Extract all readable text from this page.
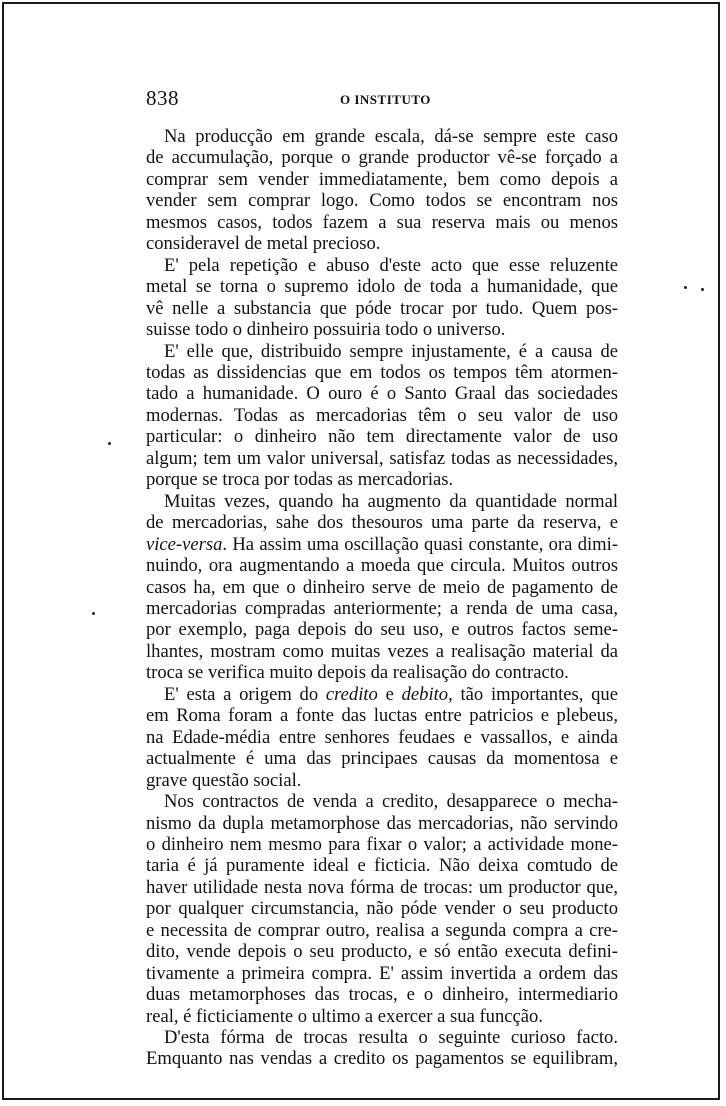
838	O INSTITUTO

Na producção em grande escala, dá-se sempre este caso
de accumulação, porque o grande productor vê-se forçado a
comprar sem vender immediatamente, bem como depois a
vender sem comprar logo. Como todos se encontram nos
mesmos casos, todos fazem a sua reserva mais ou menos
consideravel de metal precioso.

E' pela repetição e abuso d'este acto que esse reluzente
metal se torna o supremo idolo de toda a humanidade, que
vê nelle a substancia que póde trocar por tudo. Quem pos-
suisse todo o dinheiro possuiria todo o universo.

E' elle que, distribuido sempre injustamente, é a causa de
todas as dissidencias que em todos os tempos têm atormen-
tado a humanidade. O ouro é o Santo Graal das sociedades
modernas. Todas as mercadorias têm o seu valor de uso
particular: o dinheiro não tem directamente valor de uso
algum; tem um valor universal, satisfaz todas as necessidades,
porque se troca por todas as mercadorias.

Muitas vezes, quando ha augmento da quantidade normal
de mercadorias, sahe dos thesouros uma parte da reserva, e
vice-versa. Ha assim uma oscillação quasi constante, ora dimi-
nuindo, ora augmentando a moeda que circula. Muitos outros
casos ha, em que o dinheiro serve de meio de pagamento de
mercadorias compradas anteriormente; a renda de uma casa,
por exemplo, paga depois do seu uso, e outros factos seme-
lhantes, mostram como muitas vezes a realisação material da
troca se verifica muito depois da realisação do contracto.

E' esta a origem do credito e debito, tão importantes, que
em Roma foram a fonte das luctas entre patricios e plebeus,
na Edade-média entre senhores feudaes e vassallos, e ainda
actualmente é uma das principaes causas da momentosa e
grave questão social.

Nos contractos de venda a credito, desapparece o mecha-
nismo da dupla metamorphose das mercadorias, não servindo
o dinheiro nem mesmo para fixar o valor; a actividade mone-
taria é já puramente ideal e ficticia. Não deixa comtudo de
haver utilidade nesta nova fórma de trocas: um productor que,
por qualquer circumstancia, não póde vender o seu producto
e necessita de comprar outro, realisa a segunda compra a cre-
dito, vende depois o seu producto, e só então executa defini-
tivamente a primeira compra. E' assim invertida a ordem das
duas metamorphoses das trocas, e o dinheiro, intermediario
real, é ficticiamente o ultimo a exercer a sua funcção.

D'esta fórma de trocas resulta o seguinte curioso facto.
Emquanto nas vendas a credito os pagamentos se equilibram,
